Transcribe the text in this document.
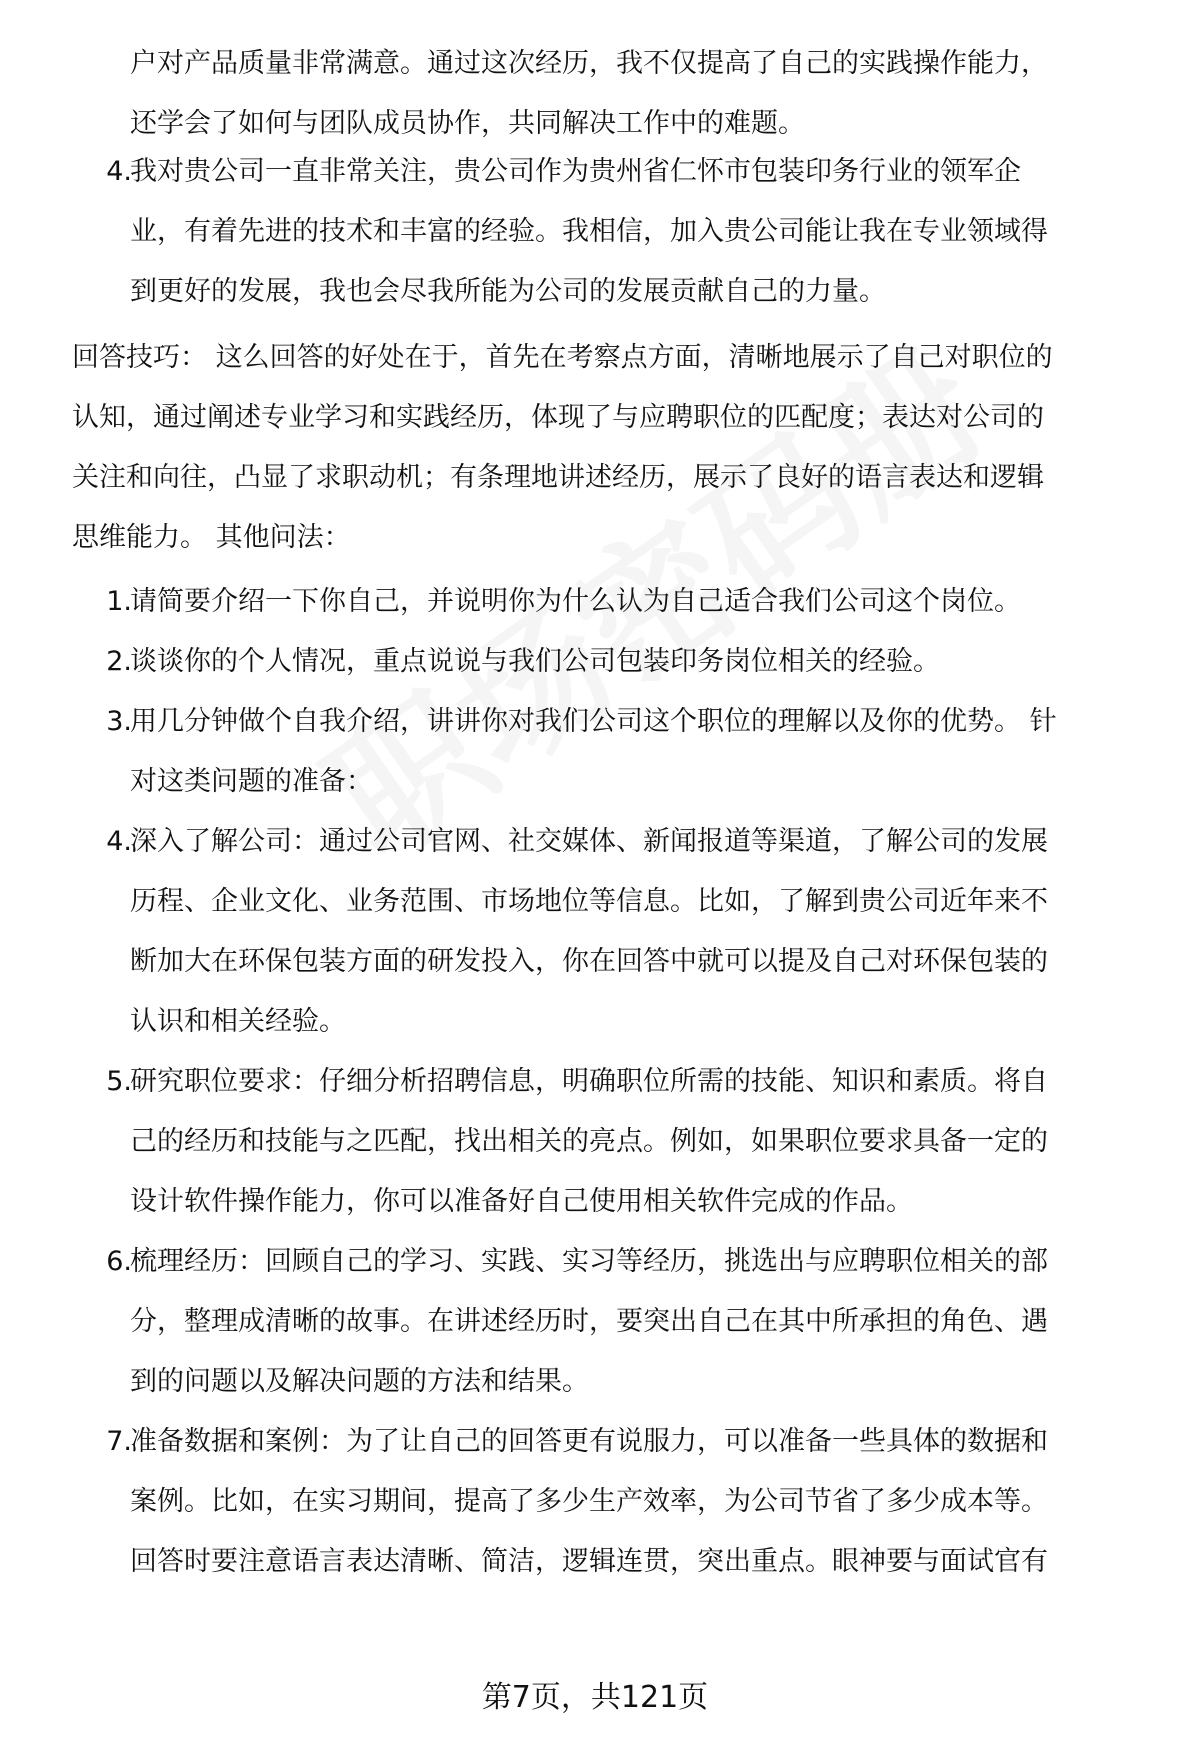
户对产品质量非常满意。通过这次经历，我不仅提高了自己的实践操作能力，
还学会了如何与团队成员协作，共同解决工作中的难题。
4.
我对贵公司一直非常关注，贵公司作为贵州省仁怀市包装印务行业的领军企
业，有着先进的技术和丰富的经验。我相信，加入贵公司能让我在专业领域得
到更好的发展，我也会尽我所能为公司的发展贡献自己的力量。
回答技巧： 这么回答的好处在于，首先在考察点方面，清晰地展示了自己对职位的
认知，通过阐述专业学习和实践经历，体现了与应聘职位的匹配度；表达对公司的
关注和向往，凸显了求职动机；有条理地讲述经历，展示了良好的语言表达和逻辑
思维能力。 其他问法：
1.
请简要介绍一下你自己，并说明你为什么认为自己适合我们公司这个岗位。
2.
谈谈你的个人情况，重点说说与我们公司包装印务岗位相关的经验。
3.
用几分钟做个自我介绍，讲讲你对我们公司这个职位的理解以及你的优势。 针
对这类问题的准备：
4.
深入了解公司：通过公司官网、社交媒体、新闻报道等渠道，了解公司的发展
历程、企业文化、业务范围、市场地位等信息。比如，了解到贵公司近年来不
断加大在环保包装方面的研发投入，你在回答中就可以提及自己对环保包装的
认识和相关经验。
5.
研究职位要求：仔细分析招聘信息，明确职位所需的技能、知识和素质。将自
己的经历和技能与之匹配，找出相关的亮点。例如，如果职位要求具备一定的
设计软件操作能力，你可以准备好自己使用相关软件完成的作品。
6.
梳理经历：回顾自己的学习、实践、实习等经历，挑选出与应聘职位相关的部
分，整理成清晰的故事。在讲述经历时，要突出自己在其中所承担的角色、遇
到的问题以及解决问题的方法和结果。
7.
准备数据和案例：为了让自己的回答更有说服力，可以准备一些具体的数据和
案例。比如，在实习期间，提高了多少生产效率，为公司节省了多少成本等。
回答时要注意语言表达清晰、简洁，逻辑连贯，突出重点。眼神要与面试官有
第7页，共121页
